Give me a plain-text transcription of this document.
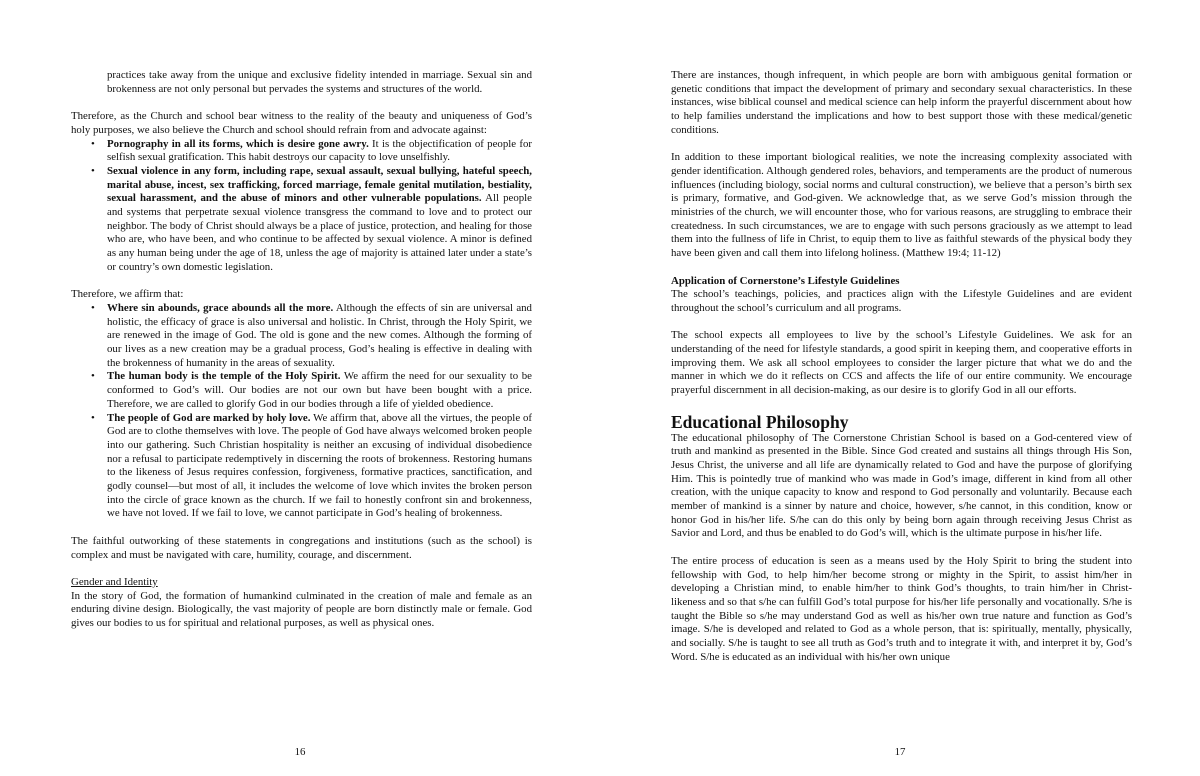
practices take away from the unique and exclusive fidelity intended in marriage. Sexual sin and brokenness are not only personal but pervades the systems and structures of the world.

Therefore, as the Church and school bear witness to the reality of the beauty and uniqueness of God’s holy purposes, we also believe the Church and school should refrain from and advocate against:
• Pornography in all its forms, which is desire gone awry. It is the objectification of people for selfish sexual gratification. This habit destroys our capacity to love unselfishly.
• Sexual violence in any form, including rape, sexual assault, sexual bullying, hateful speech, marital abuse, incest, sex trafficking, forced marriage, female genital mutilation, bestiality, sexual harassment, and the abuse of minors and other vulnerable populations. All people and systems that perpetrate sexual violence transgress the command to love and to protect our neighbor. The body of Christ should always be a place of justice, protection, and healing for those who are, who have been, and who continue to be affected by sexual violence. A minor is defined as any human being under the age of 18, unless the age of majority is attained later under a state’s or country’s own domestic legislation.
Therefore, we affirm that:
• Where sin abounds, grace abounds all the more. Although the effects of sin are universal and holistic, the efficacy of grace is also universal and holistic. In Christ, through the Holy Spirit, we are renewed in the image of God. The old is gone and the new comes. Although the forming of our lives as a new creation may be a gradual process, God’s healing is effective in dealing with the brokenness of humanity in the areas of sexuality.
• The human body is the temple of the Holy Spirit. We affirm the need for our sexuality to be conformed to God’s will. Our bodies are not our own but have been bought with a price. Therefore, we are called to glorify God in our bodies through a life of yielded obedience.
• The people of God are marked by holy love. We affirm that, above all the virtues, the people of God are to clothe themselves with love. The people of God have always welcomed broken people into our gathering. Such Christian hospitality is neither an excusing of individual disobedience nor a refusal to participate redemptively in discerning the roots of brokenness. Restoring humans to the likeness of Jesus requires confession, forgiveness, formative practices, sanctification, and godly counsel—but most of all, it includes the welcome of love which invites the broken person into the circle of grace known as the church. If we fail to honestly confront sin and brokenness, we have not loved. If we fail to love, we cannot participate in God’s healing of brokenness.

The faithful outworking of these statements in congregations and institutions (such as the school) is complex and must be navigated with care, humility, courage, and discernment.

Gender and Identity

In the story of God, the formation of humankind culminated in the creation of male and female as an enduring divine design. Biologically, the vast majority of people are born distinctly male or female. God gives our bodies to us for spiritual and relational purposes, as well as physical ones.

16

There are instances, though infrequent, in which people are born with ambiguous genital formation or genetic conditions that impact the development of primary and secondary sexual characteristics. In these instances, wise biblical counsel and medical science can help inform the prayerful discernment about how to help families understand the implications and how to best support those with these medical/genetic conditions.

In addition to these important biological realities, we note the increasing complexity associated with gender identification. Although gendered roles, behaviors, and temperaments are the product of numerous influences (including biology, social norms and cultural construction), we believe that a person’s birth sex is primary, formative, and God-given. We acknowledge that, as we serve God’s mission through the ministries of the church, we will encounter those, who for various reasons, are struggling to embrace their createdness. In such circumstances, we are to engage with such persons graciously as we attempt to lead them into the fullness of life in Christ, to equip them to live as faithful stewards of the physical body they have been given and call them into lifelong holiness. (Matthew 19:4; 11-12)

Application of Cornerstone’s Lifestyle Guidelines

The school’s teachings, policies, and practices align with the Lifestyle Guidelines and are evident throughout the school’s curriculum and all programs.

The school expects all employees to live by the school’s Lifestyle Guidelines. We ask for an understanding of the need for lifestyle standards, a good spirit in keeping them, and cooperative efforts in improving them. We ask all school employees to consider the larger picture that what we do and the manner in which we do it reflects on CCS and affects the life of our entire community. We encourage prayerful discernment in all decision-making, as our desire is to glorify God in all our efforts.

Educational Philosophy

The educational philosophy of The Cornerstone Christian School is based on a God-centered view of truth and mankind as presented in the Bible. Since God created and sustains all things through His Son, Jesus Christ, the universe and all life are dynamically related to God and have the purpose of glorifying Him. This is pointedly true of mankind who was made in God’s image, different in kind from all other creation, with the unique capacity to know and respond to God personally and voluntarily. Because each member of mankind is a sinner by nature and choice, however, s/he cannot, in this condition, know or honor God in his/her life. S/he can do this only by being born again through receiving Jesus Christ as Savior and Lord, and thus be enabled to do God’s will, which is the ultimate purpose in his/her life.

The entire process of education is seen as a means used by the Holy Spirit to bring the student into fellowship with God, to help him/her become strong or mighty in the Spirit, to assist him/her in developing a Christian mind, to enable him/her to think God’s thoughts, to train him/her in Christ-likeness and so that s/he can fulfill God’s total purpose for his/her life personally and vocationally. S/he is taught the Bible so s/he may understand God as well as his/her own true nature and function as God’s image. S/he is developed and related to God as a whole person, that is: spiritually, mentally, physically, and socially. S/he is taught to see all truth as God’s truth and to integrate it with, and interpret it by, God’s Word. S/he is educated as an individual with his/her own unique

17
